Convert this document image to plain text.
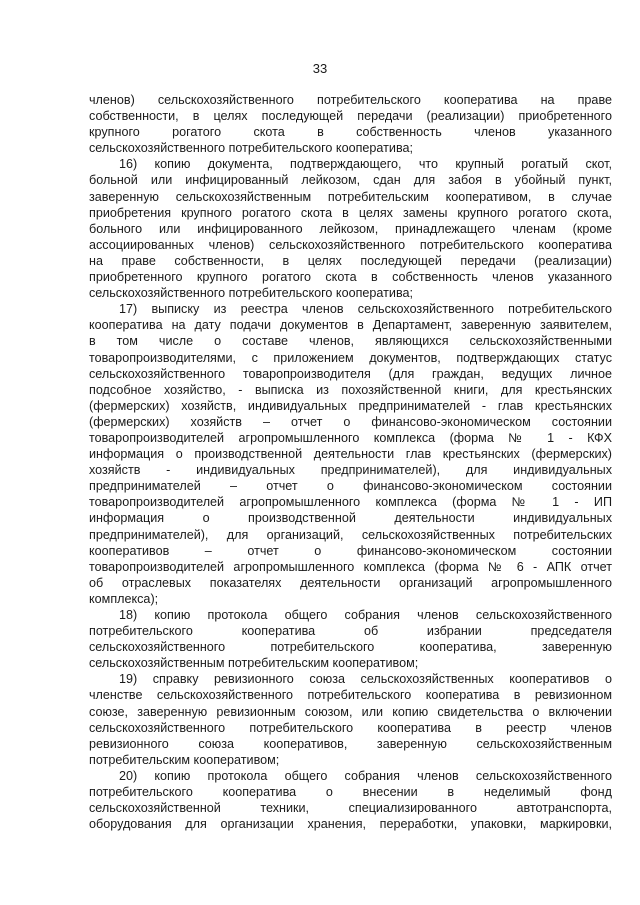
33
членов) сельскохозяйственного потребительского кооператива на праве
собственности, в целях последующей передачи (реализации) приобретенного
крупного рогатого скота в собственность членов указанного
сельскохозяйственного потребительского кооператива;
16) копию документа, подтверждающего, что крупный рогатый скот,
больной или инфицированный лейкозом, сдан для забоя в убойный пункт,
заверенную сельскохозяйственным потребительским кооперативом, в случае
приобретения крупного рогатого скота в целях замены крупного рогатого скота,
больного или инфицированного лейкозом, принадлежащего членам (кроме
ассоциированных членов) сельскохозяйственного потребительского кооператива
на праве собственности, в целях последующей передачи (реализации)
приобретенного крупного рогатого скота в собственность членов указанного
сельскохозяйственного потребительского кооператива;
17) выписку из реестра членов сельскохозяйственного потребительского
кооператива на дату подачи документов в Департамент, заверенную заявителем,
в том числе о составе членов, являющихся сельскохозяйственными
товаропроизводителями, с приложением документов, подтверждающих статус
сельскохозяйственного товаропроизводителя (для граждан, ведущих личное
подсобное хозяйство, - выписка из похозяйственной книги, для крестьянских
(фермерских) хозяйств, индивидуальных предпринимателей - глав крестьянских
(фермерских) хозяйств – отчет о финансово-экономическом состоянии
товаропроизводителей агропромышленного комплекса (форма № 1 - КФХ
информация о производственной деятельности глав крестьянских (фермерских)
хозяйств - индивидуальных предпринимателей), для индивидуальных
предпринимателей – отчет о финансово-экономическом состоянии
товаропроизводителей агропромышленного комплекса (форма № 1 - ИП
информация о производственной деятельности индивидуальных
предпринимателей), для организаций, сельскохозяйственных потребительских
кооперативов – отчет о финансово-экономическом состоянии
товаропроизводителей агропромышленного комплекса (форма № 6 - АПК отчет
об отраслевых показателях деятельности организаций агропромышленного
комплекса);
18) копию протокола общего собрания членов сельскохозяйственного
потребительского кооператива об избрании председателя
сельскохозяйственного потребительского кооператива, заверенную
сельскохозяйственным потребительским кооперативом;
19) справку ревизионного союза сельскохозяйственных кооперативов о
членстве сельскохозяйственного потребительского кооператива в ревизионном
союзе, заверенную ревизионным союзом, или копию свидетельства о включении
сельскохозяйственного потребительского кооператива в реестр членов
ревизионного союза кооперативов, заверенную сельскохозяйственным
потребительским кооперативом;
20) копию протокола общего собрания членов сельскохозяйственного
потребительского кооператива о внесении в неделимый фонд
сельскохозяйственной техники, специализированного автотранспорта,
оборудования для организации хранения, переработки, упаковки, маркировки,
